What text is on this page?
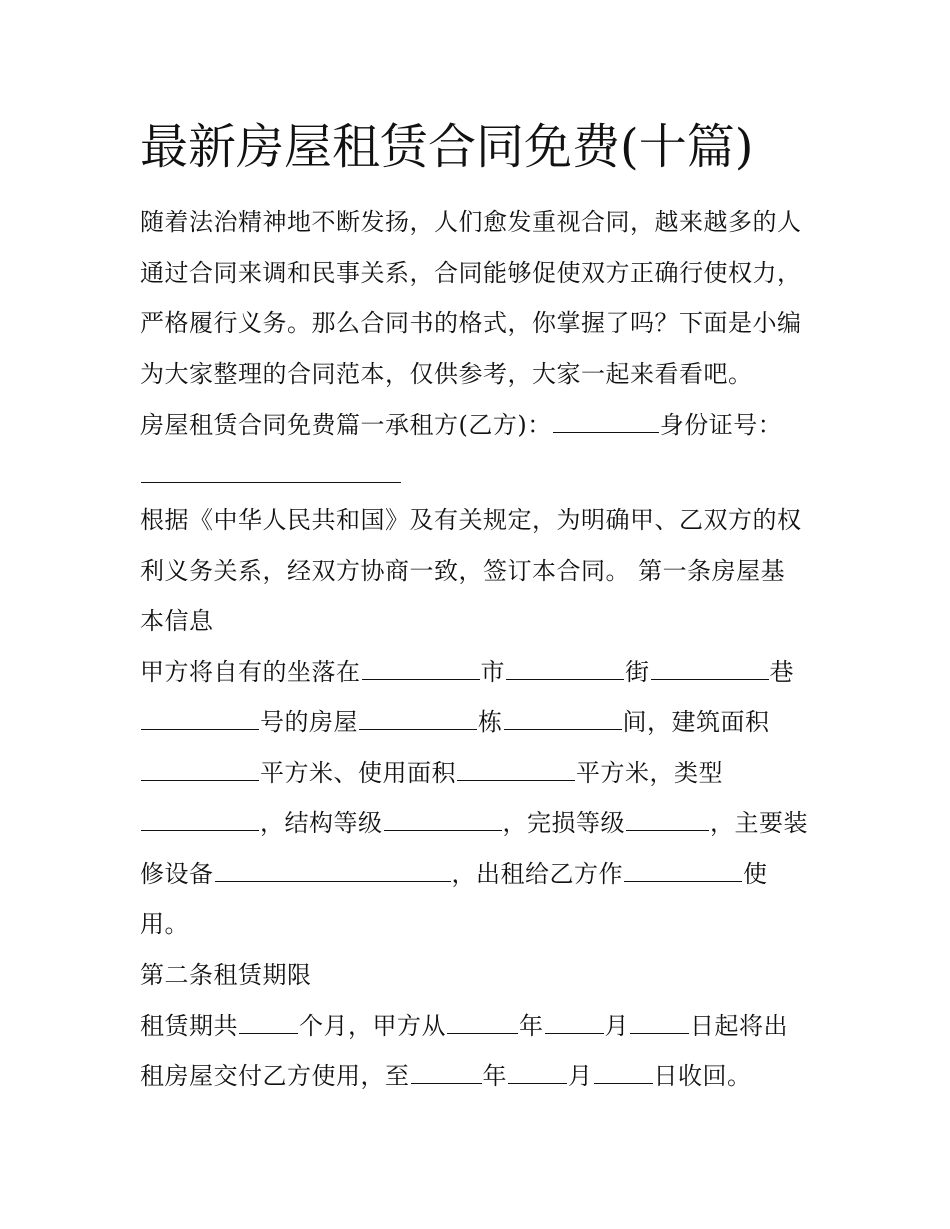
最新房屋租赁合同免费(十篇)
随着法治精神地不断发扬，人们愈发重视合同，越来越多的人
通过合同来调和民事关系，合同能够促使双方正确行使权力，
严格履行义务。那么合同书的格式，你掌握了吗？下面是小编
为大家整理的合同范本，仅供参考，大家一起来看看吧。
房屋租赁合同免费篇一承租方(乙方)：	身份证号：
根据《中华人民共和国》及有关规定，为明确甲、乙双方的权
利义务关系，经双方协商一致，签订本合同。 第一条房屋基
本信息
甲方将自有的坐落在	市	街	巷
号的房屋	栋	间，建筑面积
平方米、使用面积	平方米，类型
，结构等级	，完损等级	，主要装
修设备	，出租给乙方作	使
用。
第二条租赁期限
租赁期共	个月，甲方从	年	月	日起将出
租房屋交付乙方使用，至	年	月	日收回。
